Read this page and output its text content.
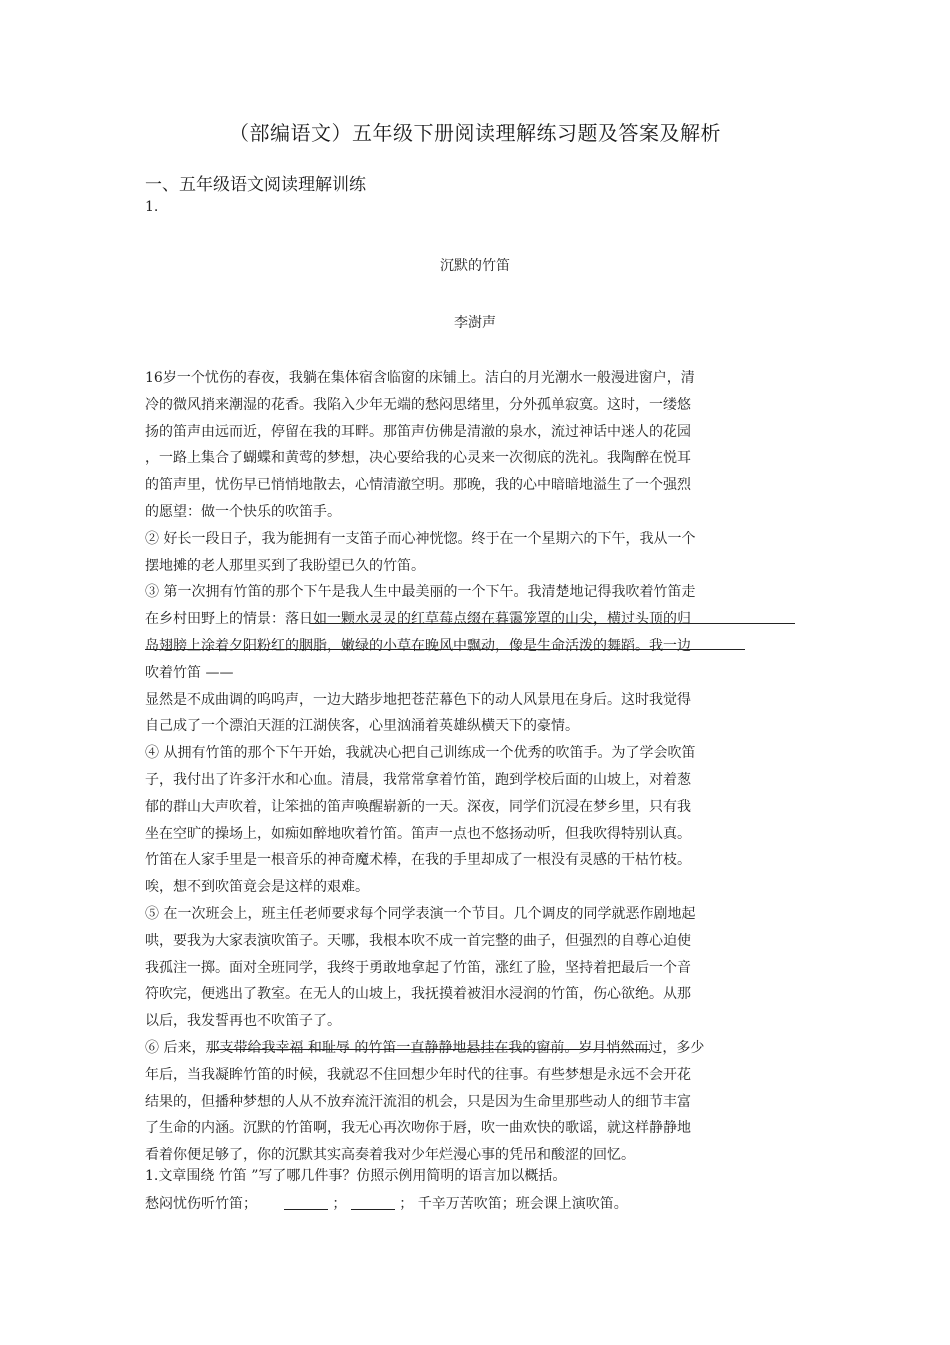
（部编语文）五年级下册阅读理解练习题及答案及解析
一、五年级语文阅读理解训练
1.
沉默的竹笛
李澍声
16岁一个忧伤的春夜，我躺在集体宿含临窗的床铺上。洁白的月光潮水一般漫进窗户，清
冷的微风捎来潮湿的花香。我陷入少年无端的愁闷思绪里，分外孤单寂寞。这时，一缕悠
扬的笛声由远而近，停留在我的耳畔。那笛声仿佛是清澈的泉水，流过神话中迷人的花园
，一路上集合了蝴蝶和黄莺的梦想，决心要给我的心灵来一次彻底的洗礼。我陶醉在悦耳
的笛声里，忧伤早已悄悄地散去，心情清澈空明。那晚，我的心中暗暗地溢生了一个强烈
的愿望：做一个快乐的吹笛手。
② 好长一段日子，我为能拥有一支笛子而心神恍惚。终于在一个星期六的下午，我从一个
摆地摊的老人那里买到了我盼望已久的竹笛。
③ 第一次拥有竹笛的那个下午是我人生中最美丽的一个下午。我清楚地记得我吹着竹笛走
在乡村田野上的情景：落日如一颗水灵灵的红草莓点缀在暮霭笼罩的山尖，横过头顶的归
岛翅膀上涂着夕阳粉红的胭脂，嫩绿的小草在晚风中飘动，像是生命活泼的舞蹈。我一边
吹着竹笛 ——
显然是不成曲调的呜呜声，一边大踏步地把苍茫幕色下的动人风景甩在身后。这时我觉得
自己成了一个漂泊天涯的江湖侠客，心里汹涌着英雄纵横天下的豪情。
④ 从拥有竹笛的那个下午开始，我就决心把自己训练成一个优秀的吹笛手。为了学会吹笛
子，我付出了许多汗水和心血。清晨，我常常拿着竹笛，跑到学校后面的山坡上，对着葱
郁的群山大声吹着，让笨拙的笛声唤醒崭新的一天。深夜，同学们沉浸在梦乡里，只有我
坐在空旷的操场上，如痴如醉地吹着竹笛。笛声一点也不悠扬动听，但我吹得特别认真。
竹笛在人家手里是一根音乐的神奇魔术棒，在我的手里却成了一根没有灵感的干枯竹枝。
唉，想不到吹笛竟会是这样的艰难。
⑤ 在一次班会上，班主任老师要求每个同学表演一个节目。几个调皮的同学就恶作剧地起
哄，要我为大家表演吹笛子。天哪，我根本吹不成一首完整的曲子，但强烈的自尊心迫使
我孤注一掷。面对全班同学，我终于勇敢地拿起了竹笛，涨红了脸，坚持着把最后一个音
符吹完，便逃出了教室。在无人的山坡上，我抚摸着被泪水浸润的竹笛，伤心欲绝。从那
以后，我发誓再也不吹笛子了。
⑥ 后来，那支带给我幸福 和耻辱 的竹笛一直静静地悬挂在我的窗前。岁月悄然而过，多少
年后，当我凝眸竹笛的时候，我就忍不住回想少年时代的往事。有些梦想是永远不会开花
结果的，但播种梦想的人从不放弃流汗流泪的机会，只是因为生命里那些动人的细节丰富
了生命的内涵。沉默的竹笛啊，我无心再次吻你于唇，吹一曲欢快的歌谣，就这样静静地
看着你便足够了，你的沉默其实高奏着我对少年烂漫心事的凭吊和酸涩的回忆。
1.文章围绕 竹笛 ”写了哪几件事？仿照示例用简明的语言加以概括。
愁闷忧伤听竹笛；	；	； 千辛万苦吹笛；班会课上演吹笛。
